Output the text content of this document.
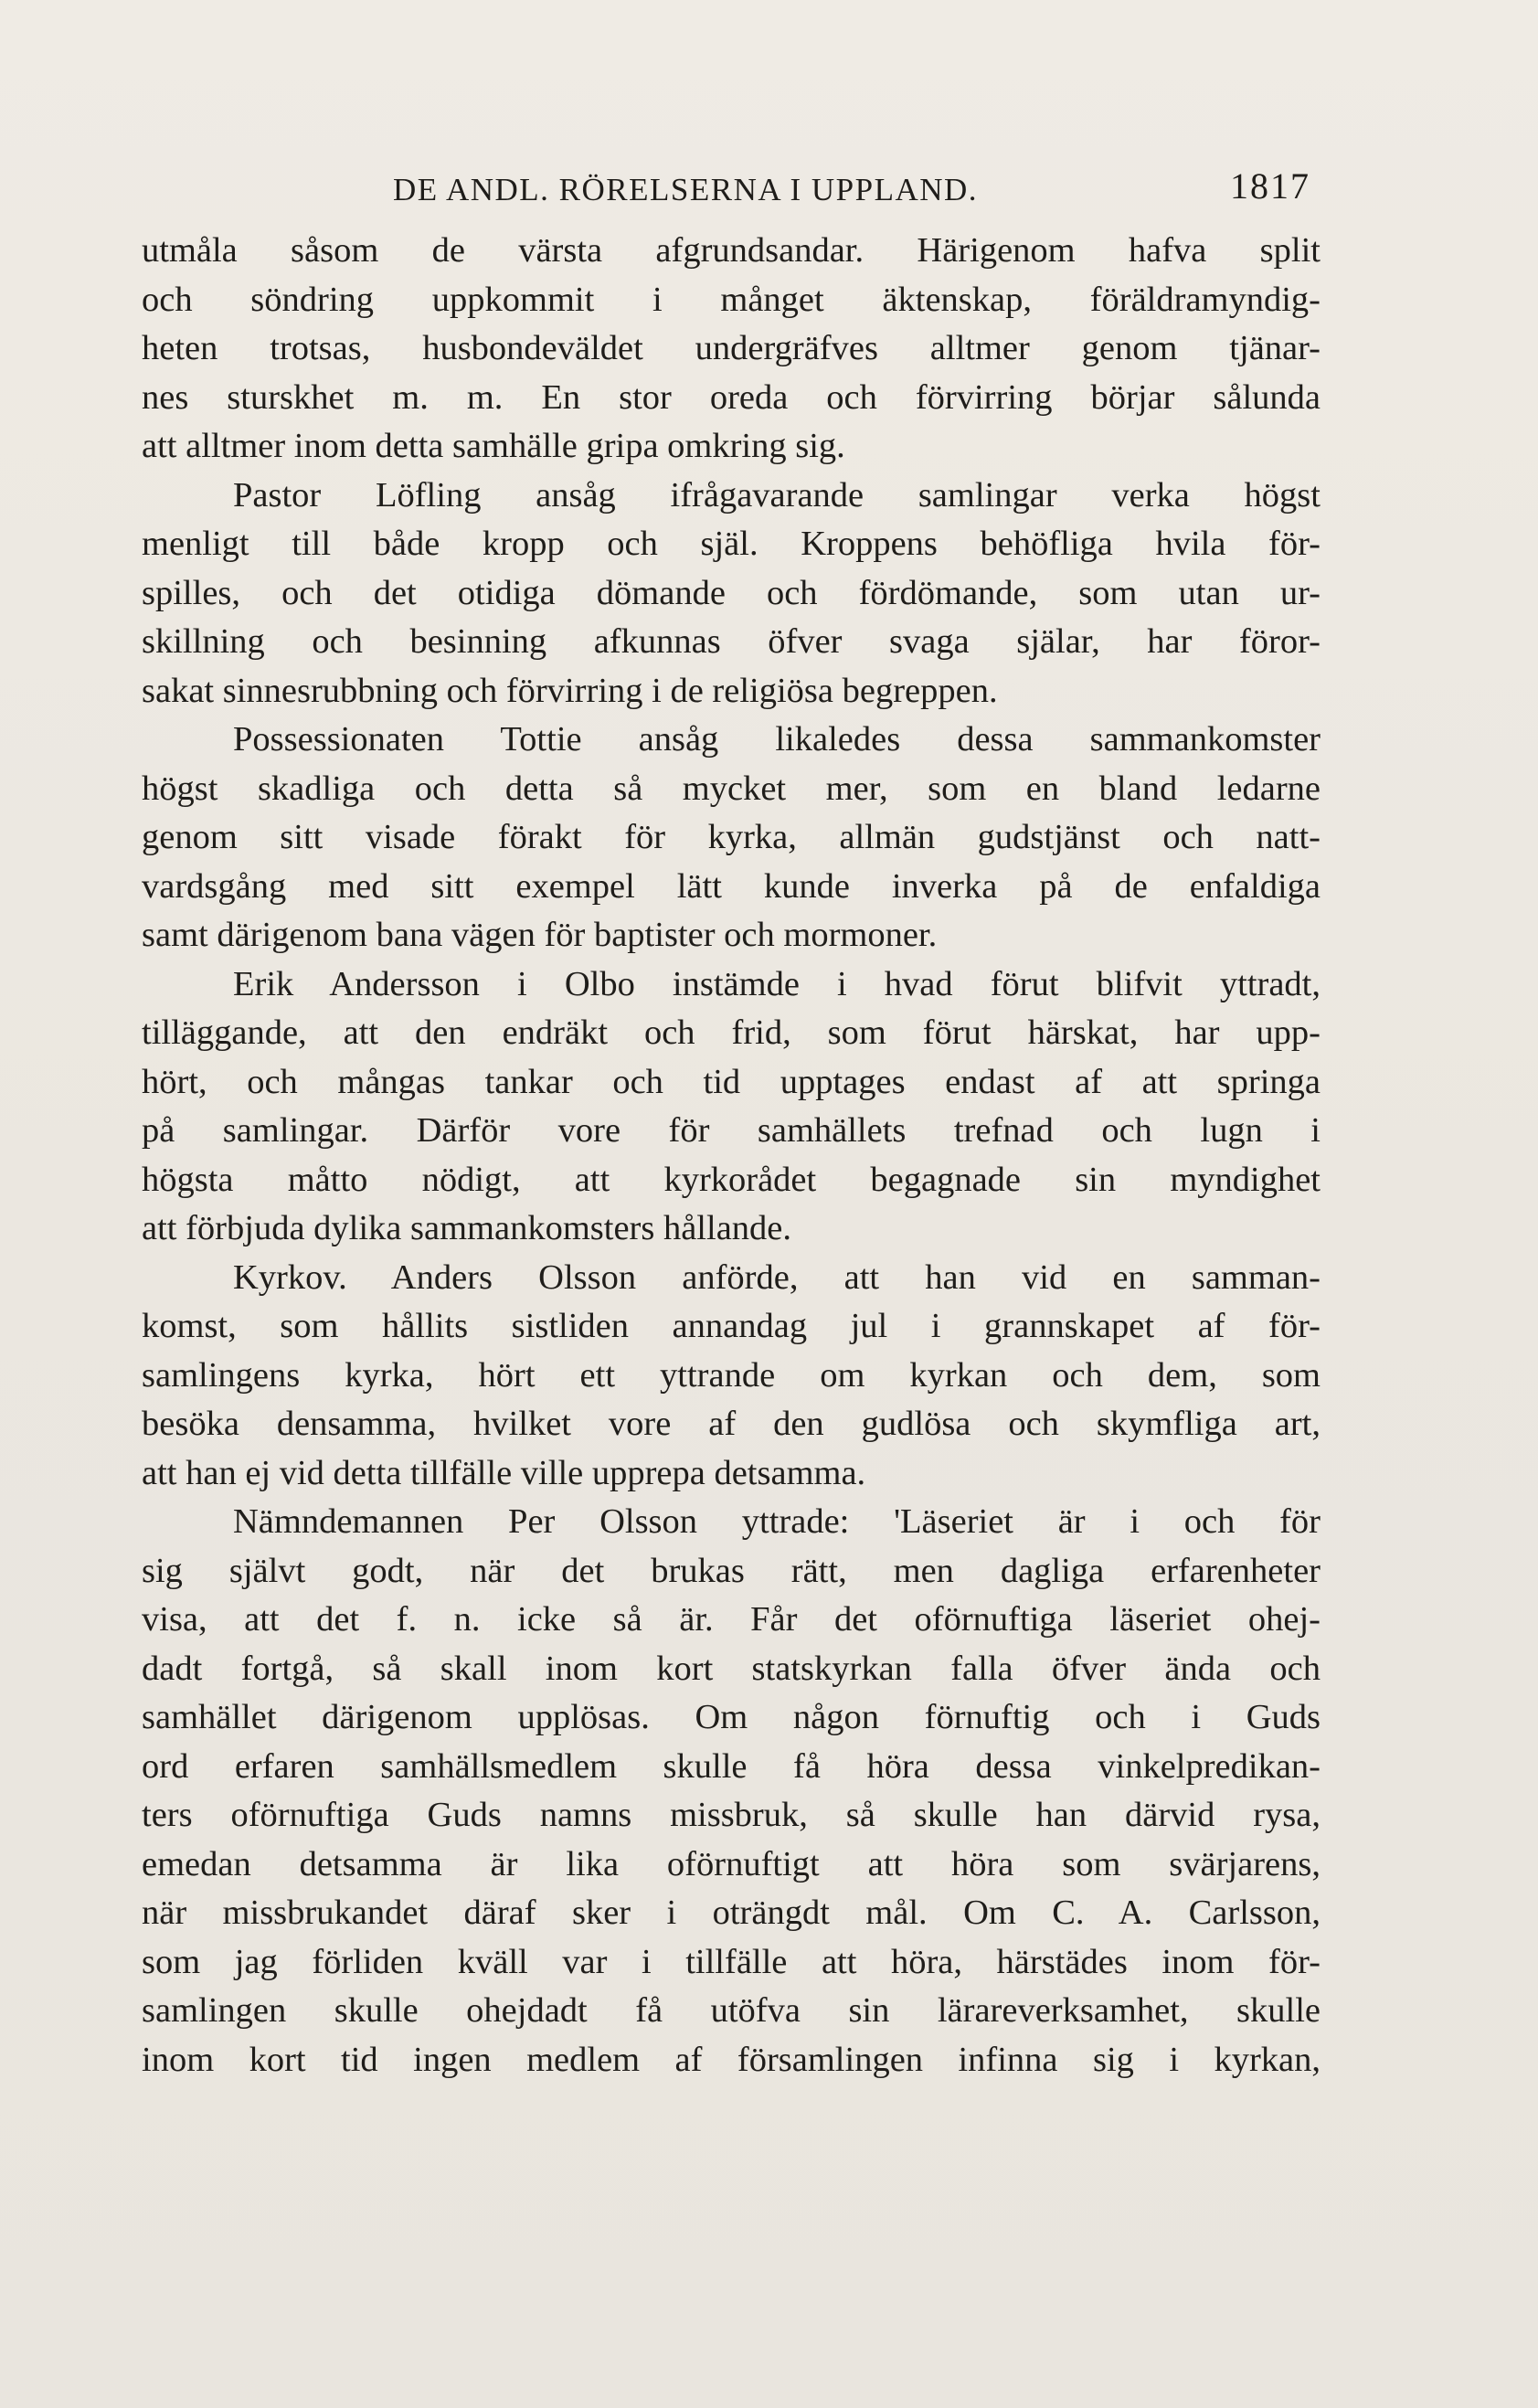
DE ANDL. RÖRELSERNA I UPPLAND.	1817
utmåla såsom de värsta afgrundsandar. Härigenom hafva split
och söndring uppkommit i månget äktenskap, föräldramyndig-
heten trotsas, husbondeväldet undergräfves alltmer genom tjänar-
nes sturskhet m. m. En stor oreda och förvirring börjar sålunda
att alltmer inom detta samhälle gripa omkring sig.
Pastor Löfling ansåg ifrågavarande samlingar verka högst
menligt till både kropp och själ. Kroppens behöfliga hvila för-
spilles, och det otidiga dömande och fördömande, som utan ur-
skillning och besinning afkunnas öfver svaga själar, har föror-
sakat sinnesrubbning och förvirring i de religiösa begreppen.
Possessionaten Tottie ansåg likaledes dessa sammankomster
högst skadliga och detta så mycket mer, som en bland ledarne
genom sitt visade förakt för kyrka, allmän gudstjänst och natt-
vardsgång med sitt exempel lätt kunde inverka på de enfaldiga
samt därigenom bana vägen för baptister och mormoner.
Erik Andersson i Olbo instämde i hvad förut blifvit yttradt,
tilläggande, att den endräkt och frid, som förut härskat, har upp-
hört, och mångas tankar och tid upptages endast af att springa
på samlingar. Därför vore för samhällets trefnad och lugn i
högsta måtto nödigt, att kyrkorådet begagnade sin myndighet
att förbjuda dylika sammankomsters hållande.
Kyrkov. Anders Olsson anförde, att han vid en samman-
komst, som hållits sistliden annandag jul i grannskapet af för-
samlingens kyrka, hört ett yttrande om kyrkan och dem, som
besöka densamma, hvilket vore af den gudlösa och skymfliga art,
att han ej vid detta tillfälle ville upprepa detsamma.
Nämndemannen Per Olsson yttrade: 'Läseriet är i och för
sig självt godt, när det brukas rätt, men dagliga erfarenheter
visa, att det f. n. icke så är. Får det oförnuftiga läseriet ohej-
dadt fortgå, så skall inom kort statskyrkan falla öfver ända och
samhället därigenom upplösas. Om någon förnuftig och i Guds
ord erfaren samhällsmedlem skulle få höra dessa vinkelpredikan-
ters oförnuftiga Guds namns missbruk, så skulle han därvid rysa,
emedan detsamma är lika oförnuftigt att höra som svärjarens,
när missbrukandet däraf sker i oträngdt mål. Om C. A. Carlsson,
som jag förliden kväll var i tillfälle att höra, härstädes inom för-
samlingen skulle ohejdadt få utöfva sin lärareverksamhet, skulle
inom kort tid ingen medlem af församlingen infinna sig i kyrkan,
